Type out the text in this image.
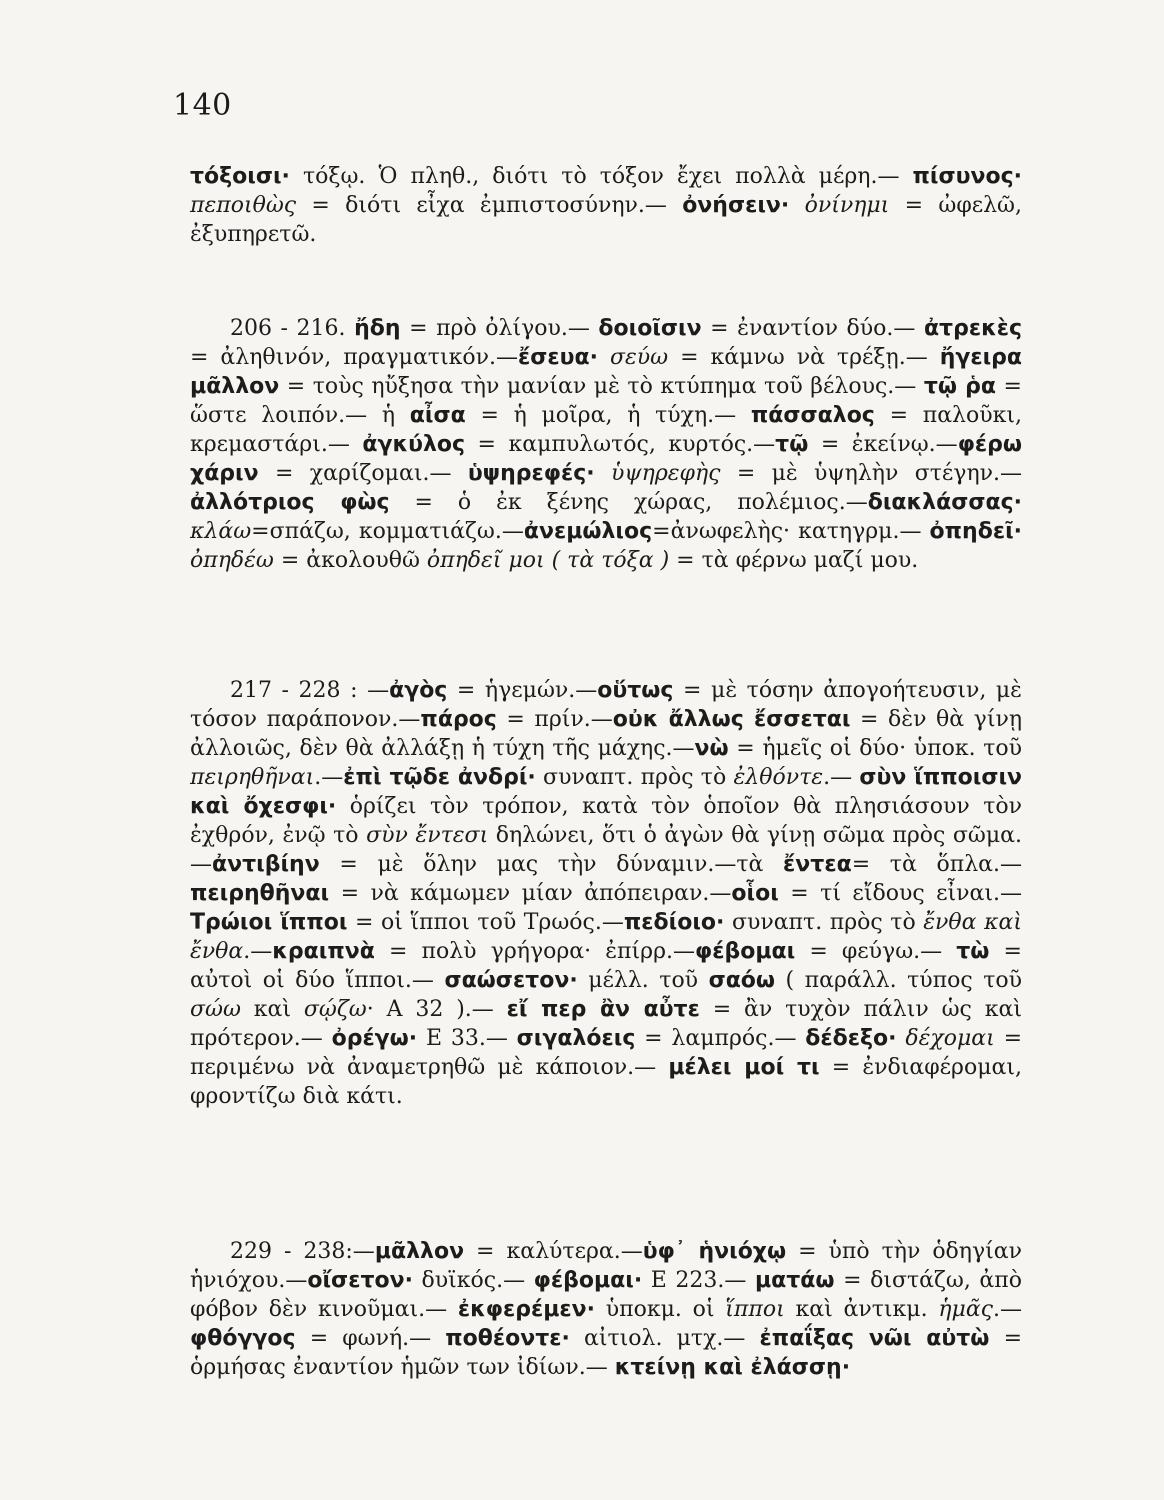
140

τόξοισι· τόξῳ. Ὁ πληθ., διότι τὸ τόξον ἔχει πολλὰ μέρη.— πίσυνος· πεποιθὼς = διότι εἶχα ἐμπιστοσύνην.— ὀνήσειν· ὀνίνημι = ὠφελῶ, ἐξυπηρετῶ.

206 - 216. ἤδη = πρὸ ὀλίγου.— δοιοῖσιν = ἐναντίον δύο.— ἀτρεκὲς = ἀληθινόν, πραγματικόν.—ἔσευα· σεύω = κάμνω νὰ τρέξῃ.— ἤγειρα μᾶλλον = τοὺς ηὔξησα τὴν μανίαν μὲ τὸ κτύπημα τοῦ βέλους.— τῷ ῥα = ὥστε λοιπόν.— ἡ αἶσα = ἡ μοῖρα, ἡ τύχη.— πάσσαλος = παλοῦκι, κρεμαστάρι.— ἀγκύλος = καμπυλωτός, κυρτός.—τῷ = ἐκείνῳ.—φέρω χάριν = χαρίζομαι.— ὑψηρεφές· ὑψηρεφὴς = μὲ ὑψηλὴν στέγην.—ἀλλότριος φὼς = ὁ ἐκ ξένης χώρας, πολέμιος.—διακλάσσας· κλάω=σπάζω, κομματιάζω.—ἀνεμώλιος=ἀνωφελὴς· κατηγρμ.— ὀπηδεῖ· ὀπηδέω = ἀκολουθῶ ὀπηδεῖ μοι ( τὰ τόξα ) = τὰ φέρνω μαζί μου.

217 - 228 : —ἀγὸς = ἡγεμών.—οὕτως = μὲ τόσην ἀπογοήτευσιν, μὲ τόσον παράπονον.—πάρος = πρίν.—οὐκ ἄλλως ἔσσεται = δὲν θὰ γίνῃ ἀλλοιῶς, δὲν θὰ ἀλλάξῃ ἡ τύχη τῆς μάχης.—νὼ = ἡμεῖς οἱ δύο· ὑποκ. τοῦ πειρηθῆναι.—ἐπὶ τῷδε ἀνδρί· συναπτ. πρὸς τὸ ἐλθόντε.— σὺν ἵπποισιν καὶ ὄχεσφι· ὁρίζει τὸν τρόπον, κατὰ τὸν ὁποῖον θὰ πλησιάσουν τὸν ἐχθρόν, ἐνῷ τὸ σὺν ἔντεσι δηλώνει, ὅτι ὁ ἀγὼν θὰ γίνῃ σῶμα πρὸς σῶμα.—ἀντιβίην = μὲ ὅλην μας τὴν δύναμιν.—τὰ ἔντεα= τὰ ὅπλα.—πειρηθῆναι = νὰ κάμωμεν μίαν ἀπόπειραν.—οἷοι = τί εἴδους εἶναι.—Τρώιοι ἵπποι = οἱ ἵπποι τοῦ Τρωός.—πεδίοιο· συναπτ. πρὸς τὸ ἔνθα καὶ ἔνθα.—κραιπνὰ = πολὺ γρήγορα· ἐπίρρ.—φέβομαι = φεύγω.— τὼ = αὐτοὶ οἱ δύο ἵπποι.— σαώσετον· μέλλ. τοῦ σαόω ( παράλλ. τύπος τοῦ σώω καὶ σῴζω· Α 32 ).— εἴ περ ἂν αὖτε = ἂν τυχὸν πάλιν ὡς καὶ πρότερον.— ὀρέγω· Ε 33.— σιγαλόεις = λαμπρός.— δέδεξο· δέχομαι = περιμένω νὰ ἀναμετρηθῶ μὲ κάποιον.— μέλει μοί τι = ἐνδιαφέρομαι, φροντίζω διὰ κάτι.

229 - 238:—μᾶλλον = καλύτερα.—ὑφ᾽ ἡνιόχῳ = ὑπὸ τὴν ὁδηγίαν ἡνιόχου.—οἴσετον· δυϊκός.— φέβομαι· Ε 223.— ματάω = διστάζω, ἀπὸ φόβον δὲν κινοῦμαι.— ἐκφερέμεν· ὑποκμ. οἱ ἵπποι καὶ ἀντικμ. ἡμᾶς.— φθόγγος = φωνή.— ποθέοντε· αἰτιολ. μτχ.— ἐπαΐξας νῶι αὐτὼ = ὁρμήσας ἐναντίον ἡμῶν των ἰδίων.— κτείνῃ καὶ ἐλάσσῃ·
